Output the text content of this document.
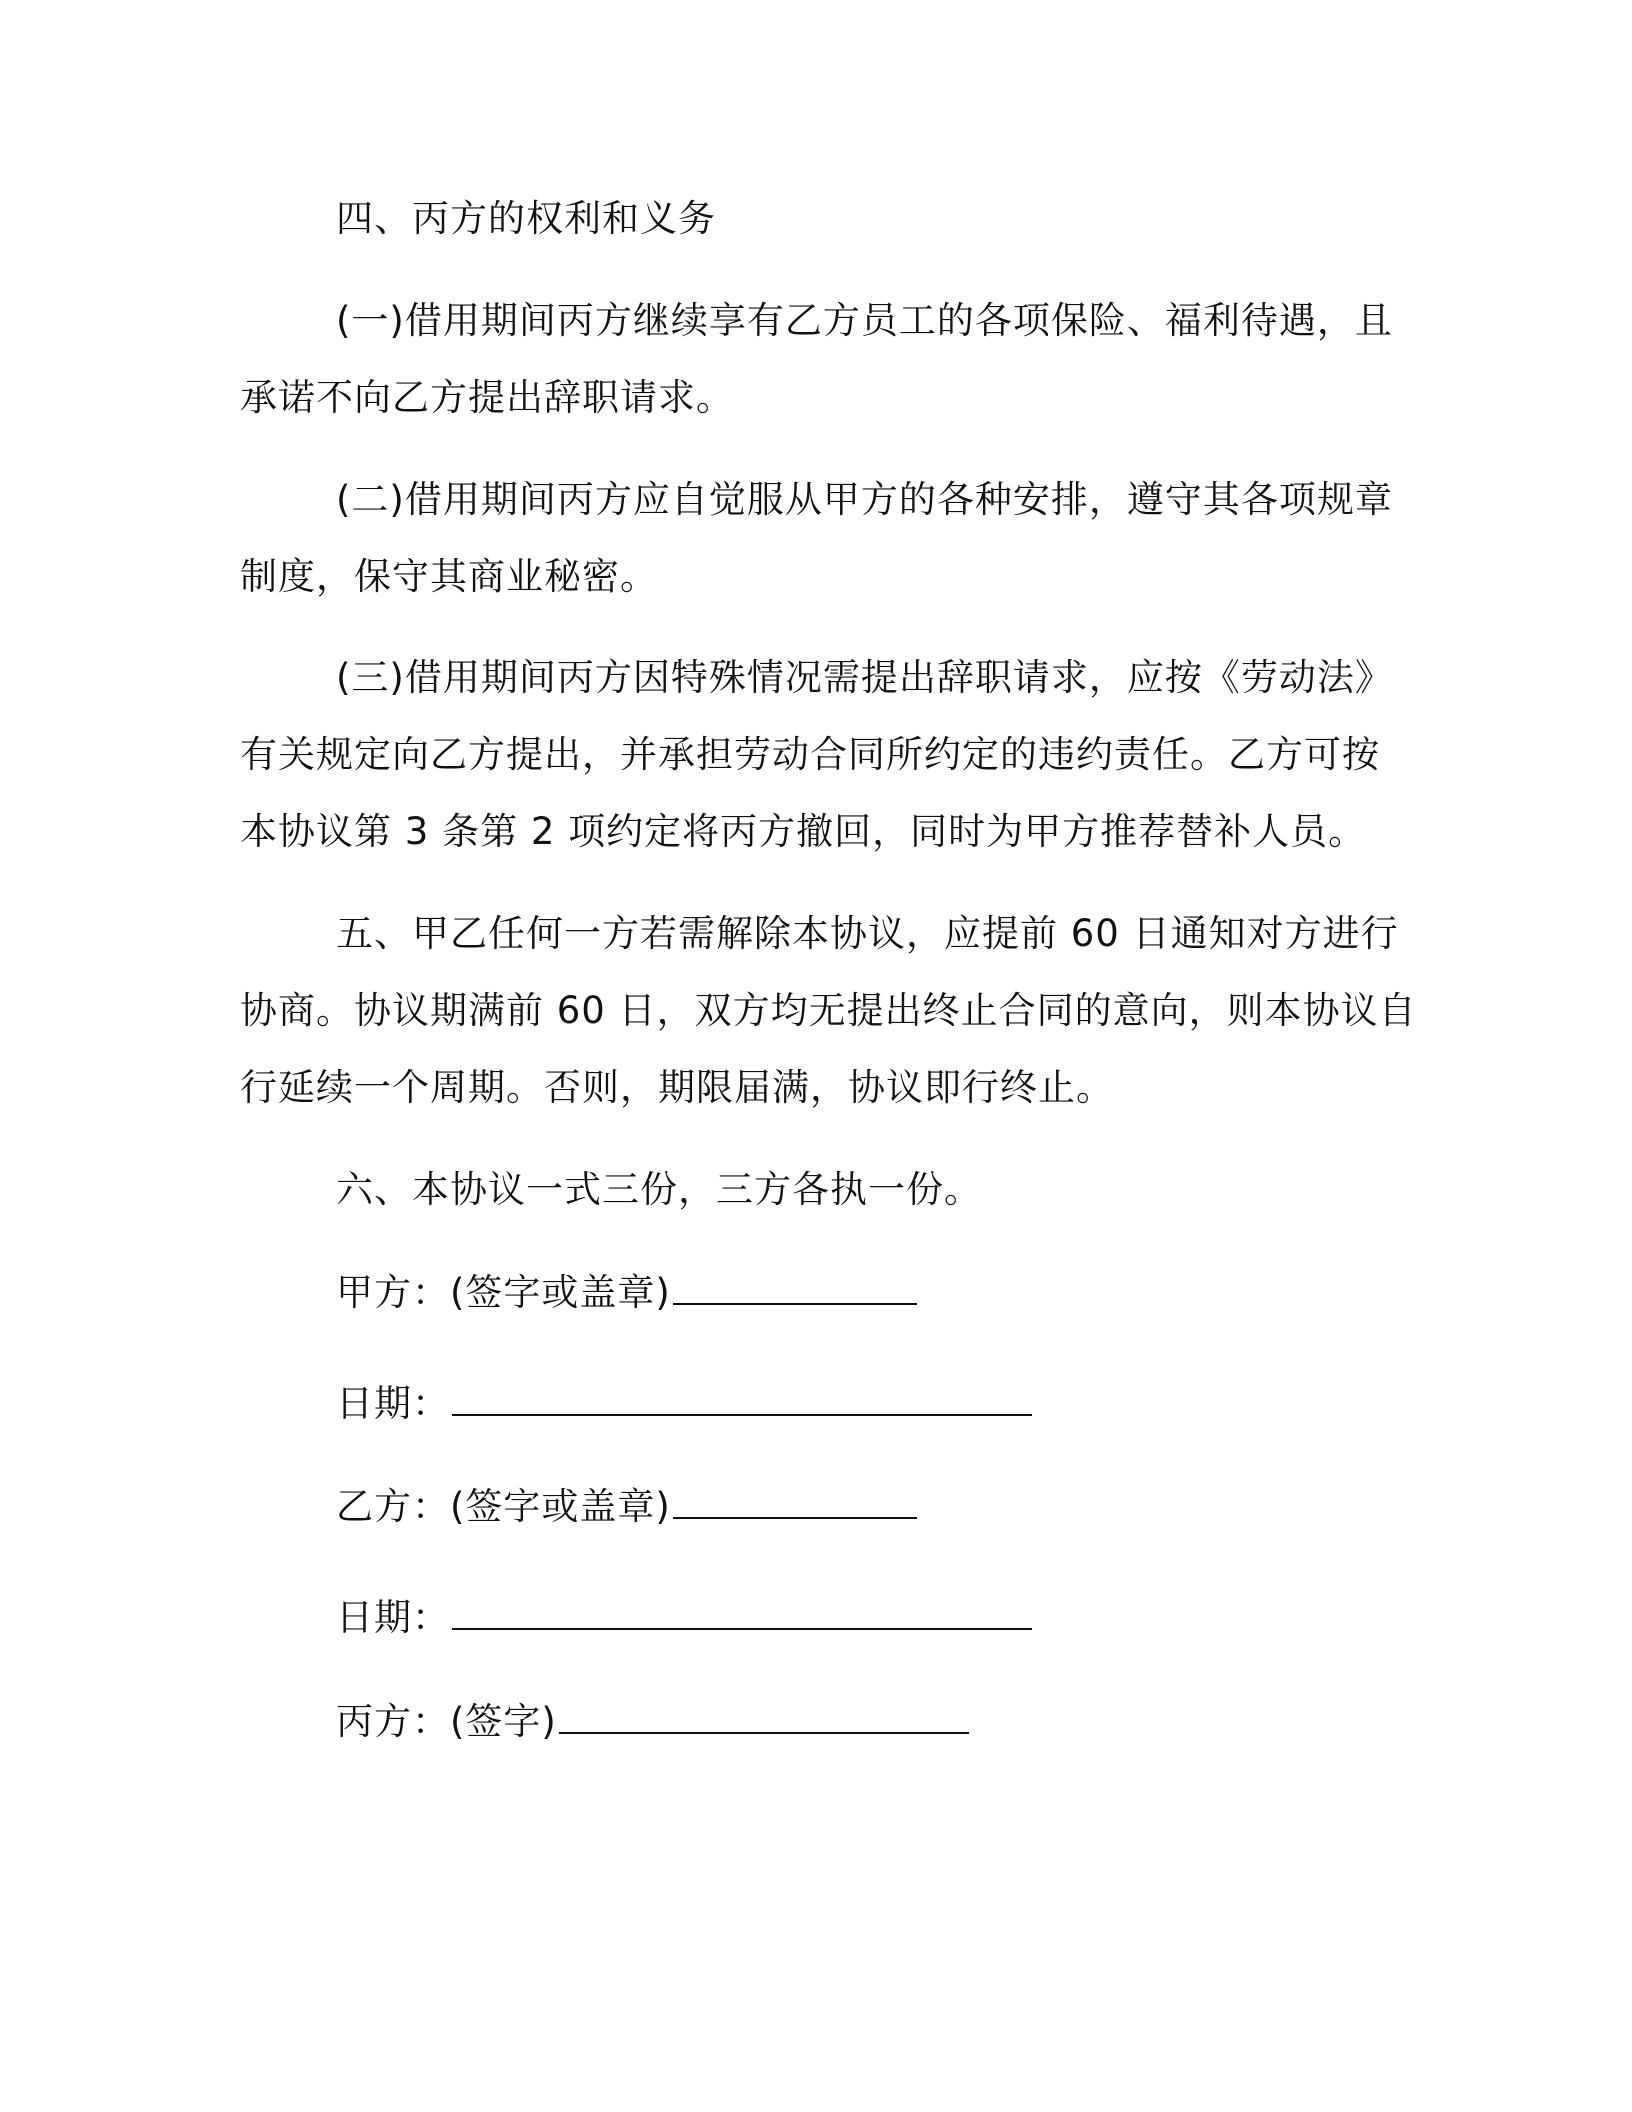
四、丙方的权利和义务
(一)借用期间丙方继续享有乙方员工的各项保险、福利待遇，且
承诺不向乙方提出辞职请求。
(二)借用期间丙方应自觉服从甲方的各种安排，遵守其各项规章
制度，保守其商业秘密。
(三)借用期间丙方因特殊情况需提出辞职请求，应按《劳动法》
有关规定向乙方提出，并承担劳动合同所约定的违约责任。乙方可按
本协议第 3 条第 2 项约定将丙方撤回，同时为甲方推荐替补人员。
五、甲乙任何一方若需解除本协议，应提前 60 日通知对方进行
协商。协议期满前 60 日，双方均无提出终止合同的意向，则本协议自
行延续一个周期。否则，期限届满，协议即行终止。
六、本协议一式三份，三方各执一份。
甲方：(签字或盖章)
日期：
乙方：(签字或盖章)
日期：
丙方：(签字)
